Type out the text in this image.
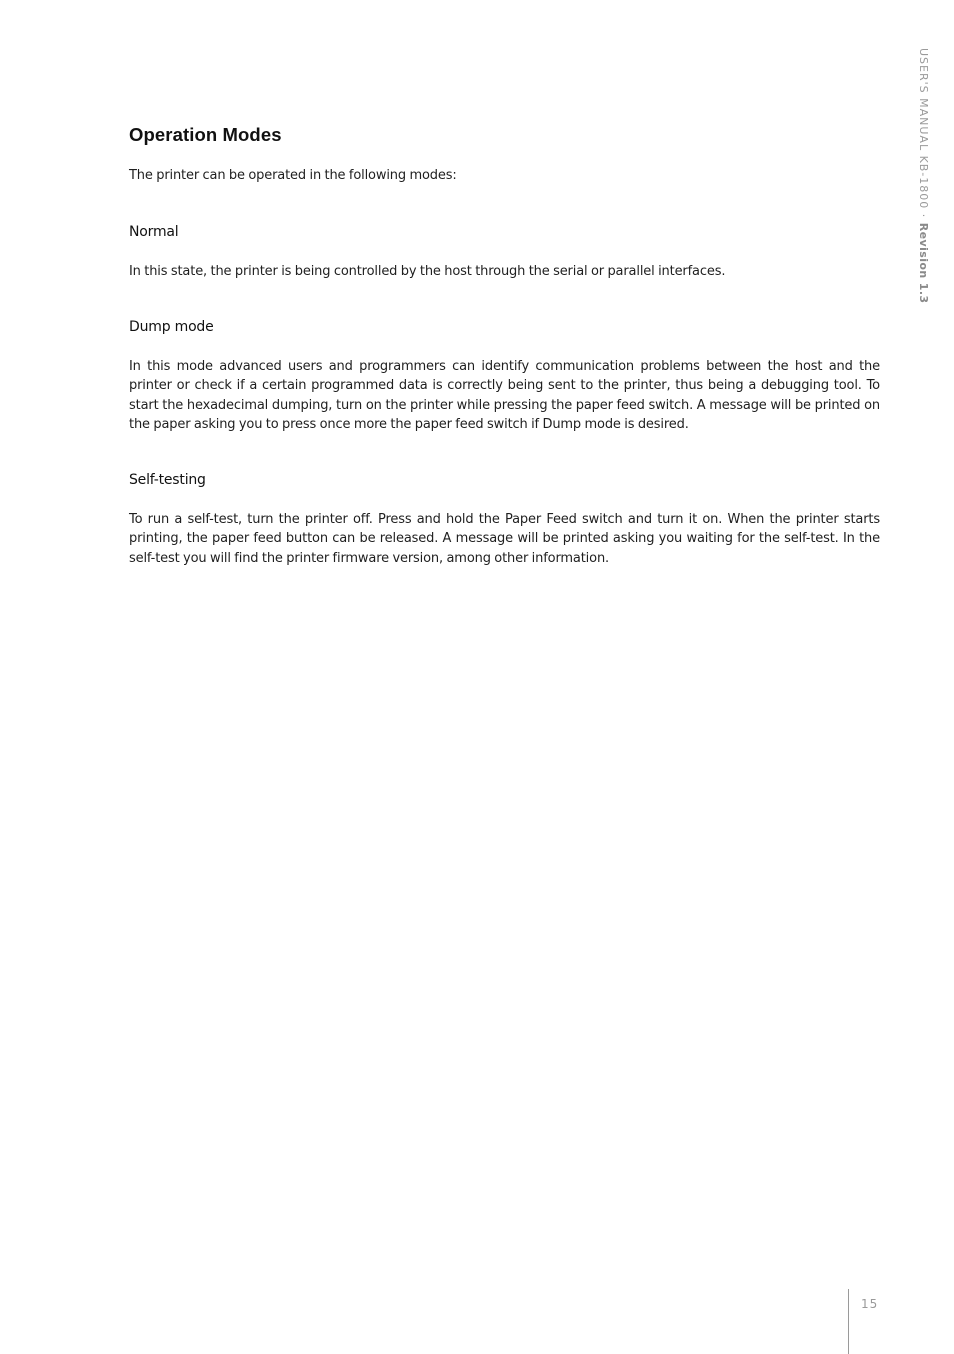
Operation Modes

The printer can be operated in the following modes:

Normal

In this state, the printer is being controlled by the host through the serial or parallel interfaces.

Dump mode

In this mode advanced users and programmers can identify communication problems between the host and the printer or check if a certain programmed data is correctly being sent to the printer, thus being a debugging tool. To start the hexadecimal dumping, turn on the printer while pressing the paper feed switch. A message will be printed on the paper asking you to press once more the paper feed switch if Dump mode is desired.

Self-testing

To run a self-test, turn the printer off. Press and hold the Paper Feed switch and turn it on. When the printer starts printing, the paper feed button can be released. A message will be printed asking you waiting for the self-test. In the self-test you will find the printer firmware version, among other information.

USER'S MANUAL KB-1800 · Revision 1.3
15
